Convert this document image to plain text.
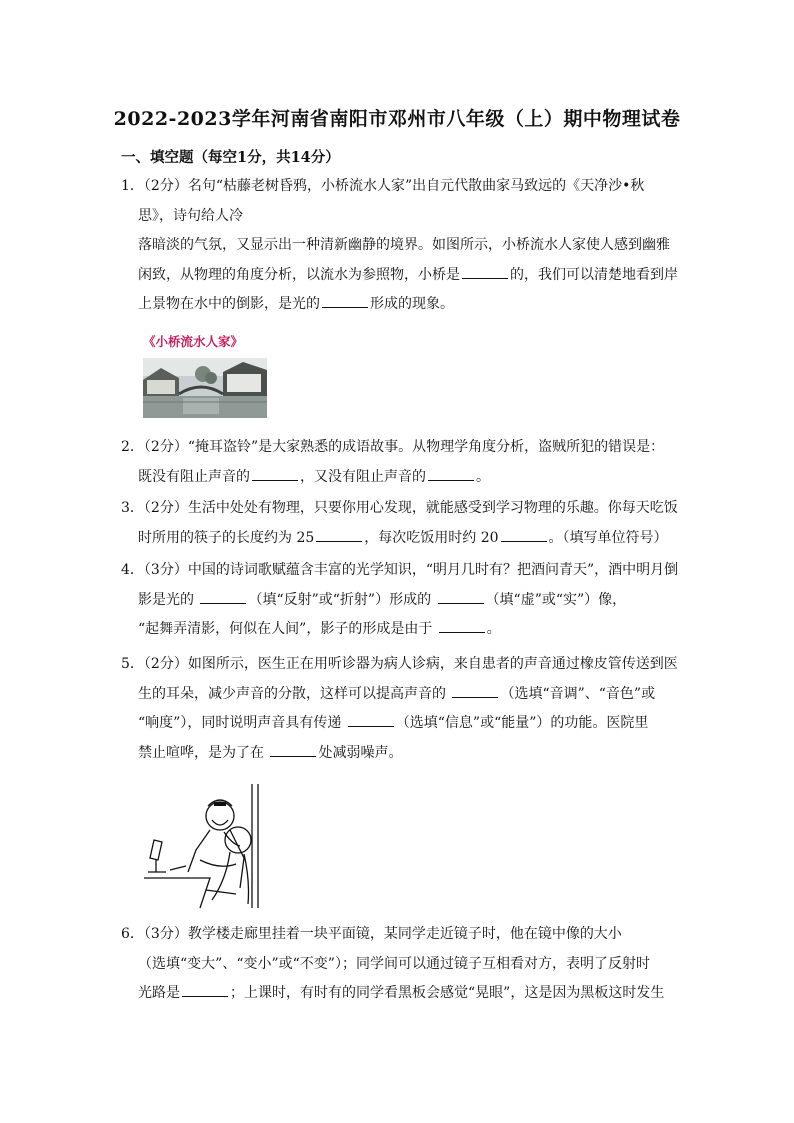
2022-2023学年河南省南阳市邓州市八年级（上）期中物理试卷
一、填空题（每空1分，共14分）
1．（2分）名句“枯藤老树昏鸦，小桥流水人家”出自元代散曲家马致远的《天净沙•秋
思》，诗句给人冷
落暗淡的气氛，又显示出一种清新幽静的境界。如图所示，小桥流水人家使人感到幽雅
闲致，从物理的角度分析，以流水为参照物，小桥是	的，我们可以清楚地看到岸
上景物在水中的倒影，是光的	形成的现象。
《小桥流水人家》
2．（2分）“掩耳盗铃”是大家熟悉的成语故事。从物理学角度分析，盗贼所犯的错误是：
既没有阻止声音的	，又没有阻止声音的	。
3．（2分）生活中处处有物理，只要你用心发现，就能感受到学习物理的乐趣。你每天吃饭
时所用的筷子的长度约为 25	，每次吃饭用时约 20	。（填写单位符号）
4．（3分）中国的诗词歌赋蕴含丰富的光学知识，“明月几时有？把酒问青天”，酒中明月倒
影是光的	（填“反射”或“折射”）形成的	（填“虚”或“实”）像，
“起舞弄清影，何似在人间”，影子的形成是由于	。
5．（2分）如图所示，医生正在用听诊器为病人诊病，来自患者的声音通过橡皮管传送到医
生的耳朵，减少声音的分散，这样可以提高声音的	（选填“音调”、“音色”或
“响度”），同时说明声音具有传递	（选填“信息”或“能量”）的功能。医院里
禁止喧哗，是为了在	处减弱噪声。
6．（3分）教学楼走廊里挂着一块平面镜，某同学走近镜子时，他在镜中像的大小
（选填“变大”、“变小”或“不变”）；同学间可以通过镜子互相看对方，表明了反射时
光路是	；上课时，有时有的同学看黑板会感觉“晃眼”，这是因为黑板这时发生
